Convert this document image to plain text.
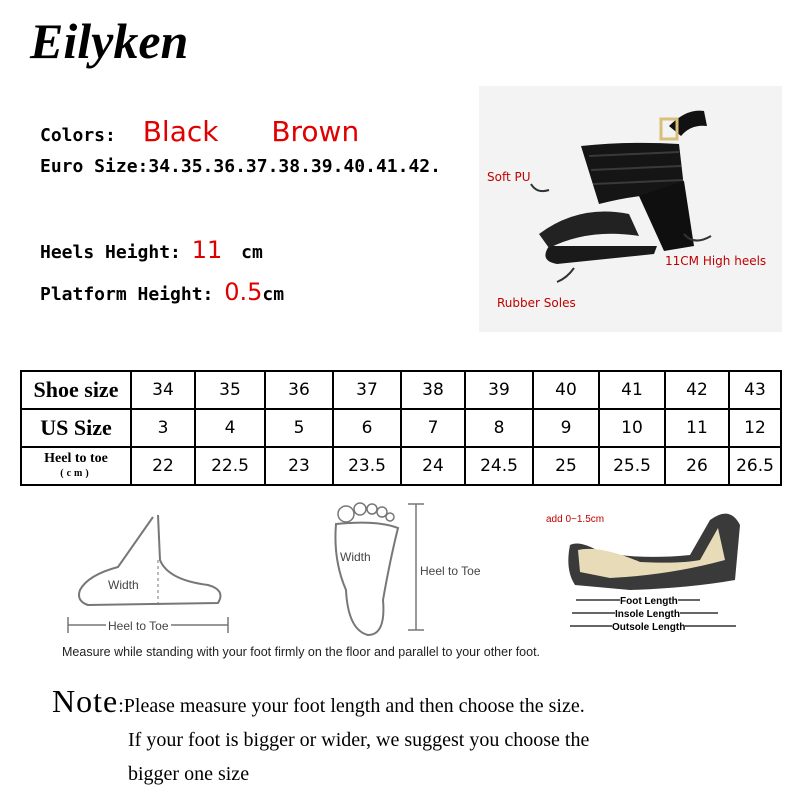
Eilyken
Colors: Black Brown
Euro Size:34.35.36.37.38.39.40.41.42.
Heels Height: 11 cm
Platform Height: 0.5cm
Soft PU
11CM High heels
Rubber Soles
Shoe size	34	35	36	37	38	39	40	41	42	43
US Size	3	4	5	6	7	8	9	10	11	12
Heel to toe
(cm)	22	22.5	23	23.5	24	24.5	25	25.5	26	26.5
Width
Heel to Toe
Width
Heel to Toe
add 0~1.5cm
Foot Length
Insole Length
Outsole Length
Measure while standing with your foot firmly on the floor and parallel to your other foot.
Note:Please measure your foot length and then choose the size.
If your foot is bigger or wider, we suggest you choose the
bigger one size
